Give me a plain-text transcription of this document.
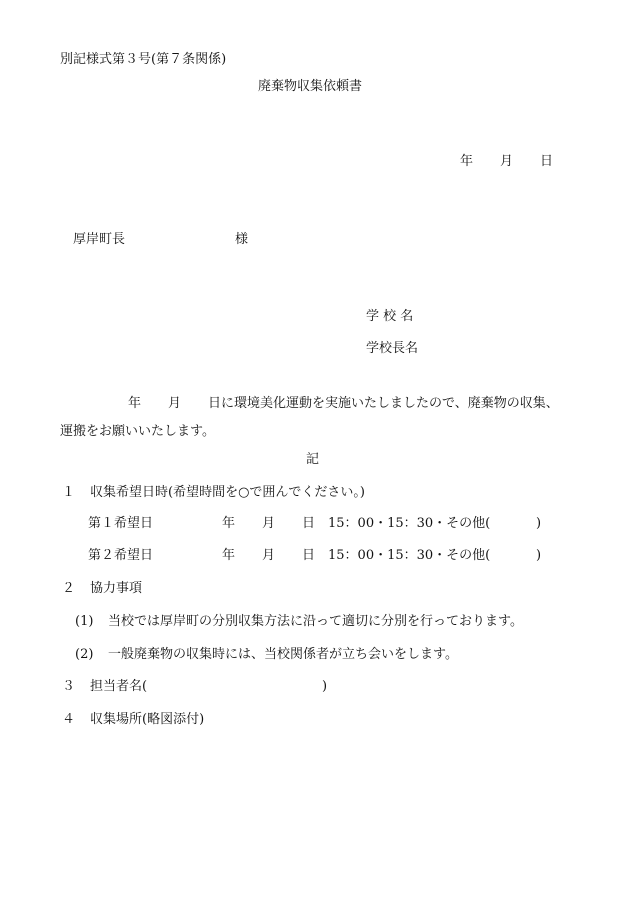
別記様式第３号(第７条関係)
廃棄物収集依頼書
年 月 日
厚岸町長	様
学 校 名
学校長名
年 月 日に環境美化運動を実施いたしましたので、廃棄物の収集、
運搬をお願いいたします。
記
１ 収集希望日時(希望時間を○で囲んでください。)
第１希望日	年 月 日 15：00・15：30・その他(	)
第２希望日	年 月 日 15：00・15：30・その他(	)
２ 協力事項
(1) 当校では厚岸町の分別収集方法に沿って適切に分別を行っております。
(2) 一般廃棄物の収集時には、当校関係者が立ち会いをします。
３ 担当者名(	)
４ 収集場所(略図添付)
